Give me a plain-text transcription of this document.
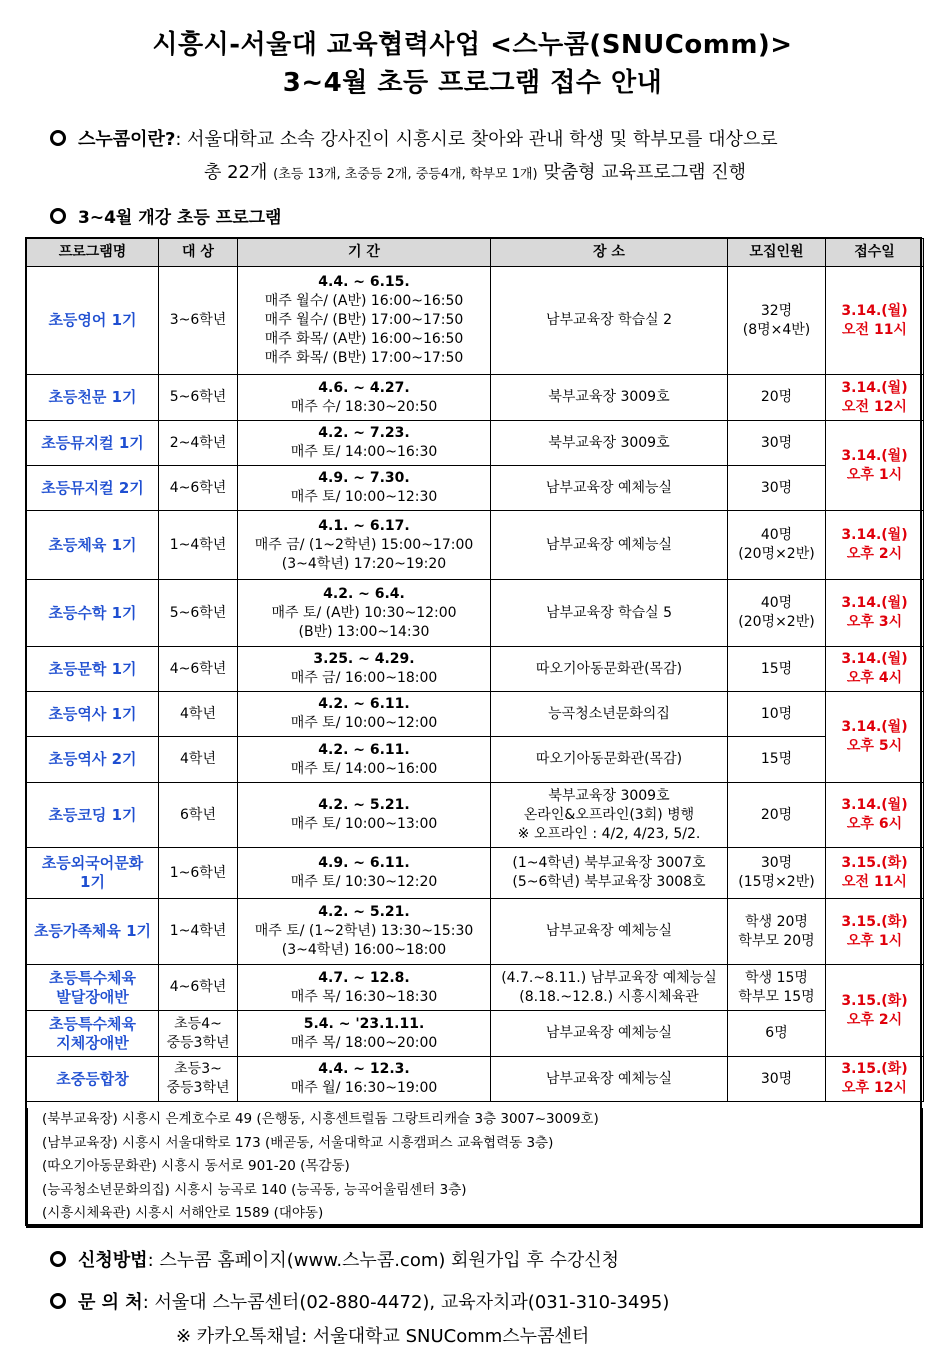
시흥시-서울대 교육협력사업 <스누콤(SNUComm)>
3~4월 초등 프로그램 접수 안내
스누콤이란?: 서울대학교 소속 강사진이 시흥시로 찾아와 관내 학생 및 학부모를 대상으로
총 22개 (초등 13개, 초중등 2개, 중등4개, 학부모 1개) 맞춤형 교육프로그램 진행
3~4월 개강 초등 프로그램
프로그램명	대 상	기 간	장 소	모집인원	접수일
초등영어 1기	3~6학년	4.4. ~ 6.15.
매주 월수/ (A반) 16:00~16:50
매주 월수/ (B반) 17:00~17:50
매주 화목/ (A반) 16:00~16:50
매주 화목/ (B반) 17:00~17:50	남부교육장 학습실 2	32명
(8명×4반)	3.14.(월)
오전 11시
초등천문 1기	5~6학년	4.6. ~ 4.27.
매주 수/ 18:30~20:50	북부교육장 3009호	20명	3.14.(월)
오전 12시
초등뮤지컬 1기	2~4학년	4.2. ~ 7.23.
매주 토/ 14:00~16:30	북부교육장 3009호	30명	3.14.(월)
오후 1시
초등뮤지컬 2기	4~6학년	4.9. ~ 7.30.
매주 토/ 10:00~12:30	남부교육장 예체능실	30명	
초등체육 1기	1~4학년	4.1. ~ 6.17.
매주 금/ (1~2학년) 15:00~17:00
(3~4학년) 17:20~19:20	남부교육장 예체능실	40명
(20명×2반)	3.14.(월)
오후 2시
초등수학 1기	5~6학년	4.2. ~ 6.4.
매주 토/ (A반) 10:30~12:00
(B반) 13:00~14:30	남부교육장 학습실 5	40명
(20명×2반)	3.14.(월)
오후 3시
초등문학 1기	4~6학년	3.25. ~ 4.29.
매주 금/ 16:00~18:00	따오기아동문화관(목감)	15명	3.14.(월)
오후 4시
초등역사 1기	4학년	4.2. ~ 6.11.
매주 토/ 10:00~12:00	능곡청소년문화의집	10명	3.14.(월)
오후 5시
초등역사 2기	4학년	4.2. ~ 6.11.
매주 토/ 14:00~16:00	따오기아동문화관(목감)	15명	
초등코딩 1기	6학년	4.2. ~ 5.21.
매주 토/ 10:00~13:00	북부교육장 3009호
온라인&오프라인(3회) 병행
※ 오프라인 : 4/2, 4/23, 5/2.	20명	3.14.(월)
오후 6시
초등외국어문화
1기	1~6학년	4.9. ~ 6.11.
매주 토/ 10:30~12:20	(1~4학년) 북부교육장 3007호
(5~6학년) 북부교육장 3008호	30명
(15명×2반)	3.15.(화)
오전 11시
초등가족체육 1기	1~4학년	4.2. ~ 5.21.
매주 토/ (1~2학년) 13:30~15:30
(3~4학년) 16:00~18:00	남부교육장 예체능실	학생 20명
학부모 20명	3.15.(화)
오후 1시
초등특수체육
발달장애반	4~6학년	4.7. ~ 12.8.
매주 목/ 16:30~18:30	(4.7.~8.11.) 남부교육장 예체능실
(8.18.~12.8.) 시흥시체육관	학생 15명
학부모 15명	3.15.(화)
오후 2시
초등특수체육
지체장애반	초등4~
중등3학년	5.4. ~ '23.1.11.
매주 목/ 18:00~20:00	남부교육장 예체능실	6명	
초중등합창	초등3~
중등3학년	4.4. ~ 12.3.
매주 월/ 16:30~19:00	남부교육장 예체능실	30명	3.15.(화)
오후 12시
(북부교육장) 시흥시 은계호수로 49 (은행동, 시흥센트럴돔 그랑트리캐슬 3층 3007~3009호)
(남부교육장) 시흥시 서울대학로 173 (배곧동, 서울대학교 시흥캠퍼스 교육협력동 3층)
(따오기아동문화관) 시흥시 동서로 901-20 (목감동)
(능곡청소년문화의집) 시흥시 능곡로 140 (능곡동, 능곡어울림센터 3층)
(시흥시체육관) 시흥시 서해안로 1589 (대야동)
신청방법: 스누콤 홈페이지(www.스누콤.com) 회원가입 후 수강신청
문 의 처: 서울대 스누콤센터(02-880-4472), 교육자치과(031-310-3495)
※ 카카오톡채널: 서울대학교 SNUComm스누콤센터
